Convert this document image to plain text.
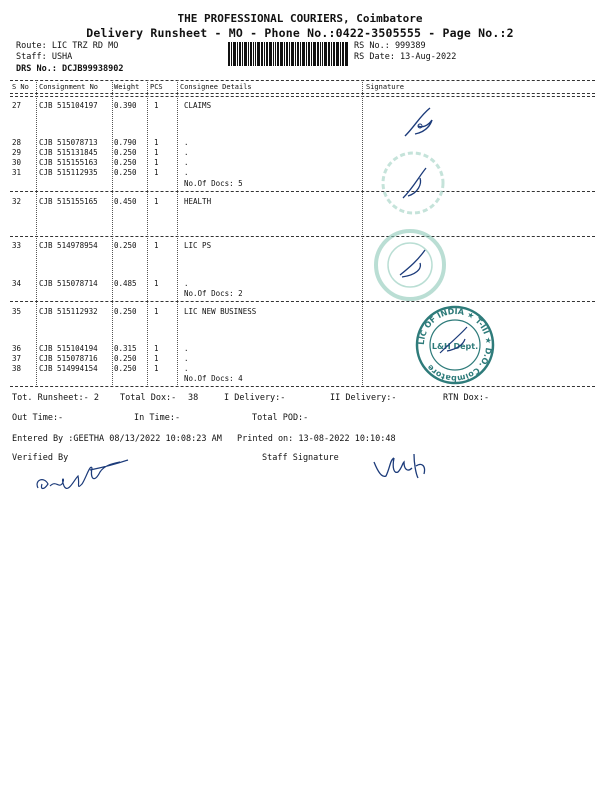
THE PROFESSIONAL COURIERS, Coimbatore
Delivery Runsheet - MO - Phone No.:0422-3505555 - Page No.:2
Route: LIC TRZ RD MO
Staff: USHA
DRS No.: DCJB99938902
RS No.: 999389
RS Date: 13-Aug-2022
S No Consignment No Weight PCS Consignee Details	Signature
27 CJB 515104197 0.390 1	CLAIMS
28 CJB 515078713 0.790 1	.
29 CJB 515131845 0.250 1	.
30 CJB 515155163 0.250 1	.
31 CJB 515112935 0.250 1	.
No.Of Docs: 5
32 CJB 515155165 0.450 1	HEALTH
33 CJB 514978954 0.250 1	LIC PS
34 CJB 515078714 0.485 1	.
No.Of Docs: 2
35 CJB 515112932 0.250 1	LIC NEW BUSINESS
36 CJB 515104194 0.315 1	.
37 CJB 515078716 0.250 1	.
38 CJB 514994154 0.250 1	.
No.Of Docs: 4
LIC OF INDIA ★ T-III ★ D.O. Coimbatore
L&H Dept.
Tot. Runsheet:- 2 Total Dox:- 38	I Delivery:-	II Delivery:-	RTN Dox:-
Out Time:-	In Time:-	Total POD:-
Entered By :GEETHA 08/13/2022 10:08:23 AM Printed on: 13-08-2022 10:10:48
Verified By	Staff Signature
